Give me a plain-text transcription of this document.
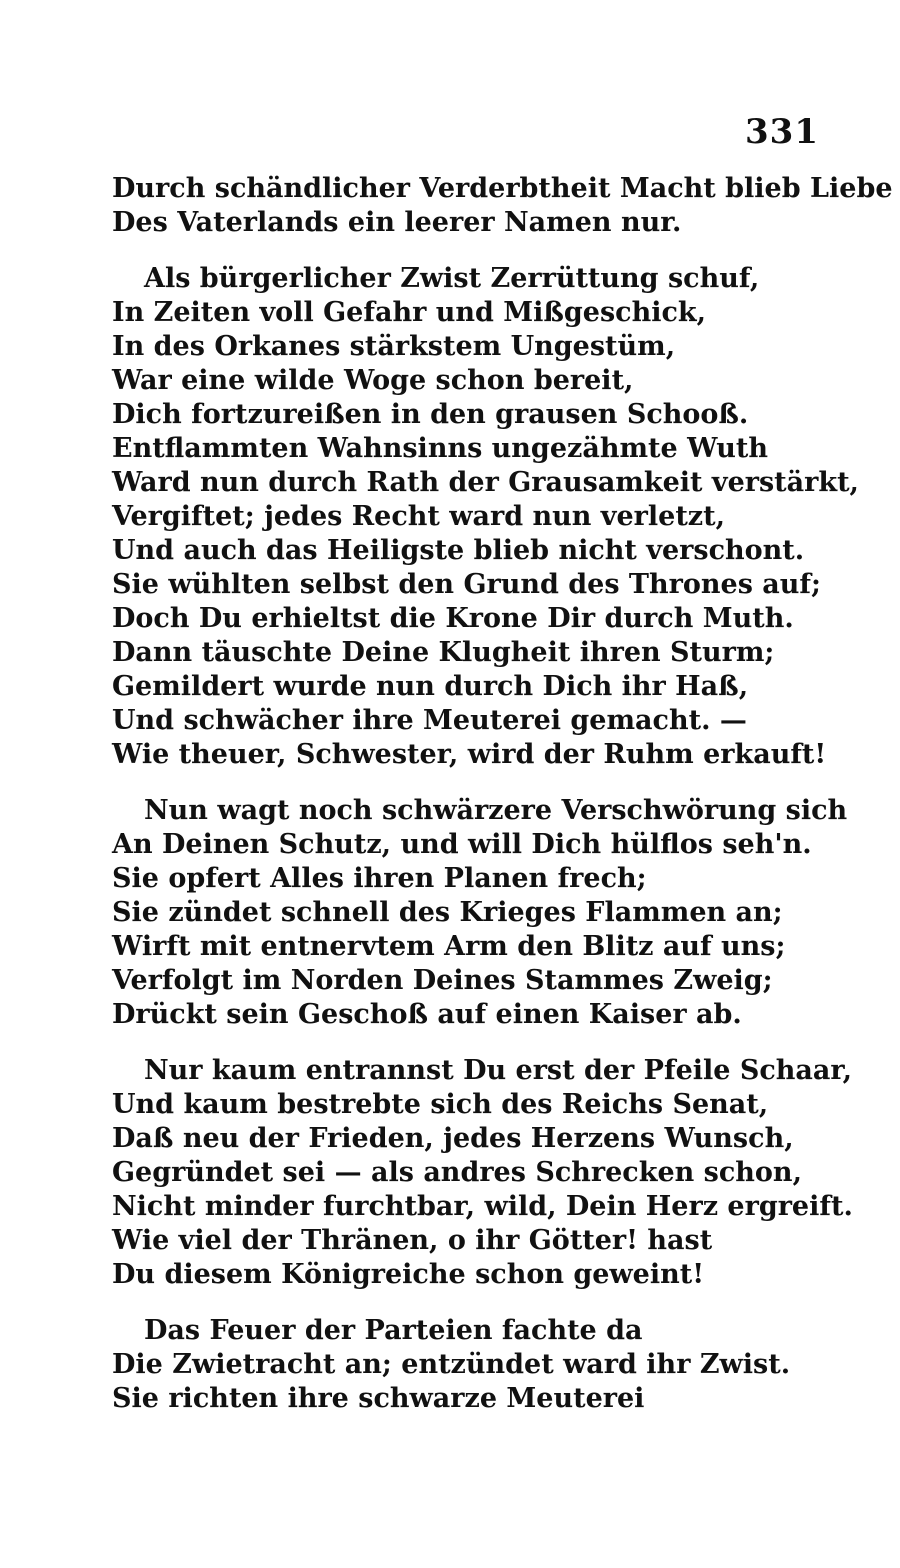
331
Durch schändlicher Verderbtheit Macht blieb Liebe
Des Vaterlands ein leerer Namen nur.
Als bürgerlicher Zwist Zerrüttung schuf,
In Zeiten voll Gefahr und Mißgeschick,
In des Orkanes stärkstem Ungestüm,
War eine wilde Woge schon bereit,
Dich fortzureißen in den grausen Schooß.
Entflammten Wahnsinns ungezähmte Wuth
Ward nun durch Rath der Grausamkeit verstärkt,
Vergiftet; jedes Recht ward nun verletzt,
Und auch das Heiligste blieb nicht verschont.
Sie wühlten selbst den Grund des Thrones auf;
Doch Du erhieltst die Krone Dir durch Muth.
Dann täuschte Deine Klugheit ihren Sturm;
Gemildert wurde nun durch Dich ihr Haß,
Und schwächer ihre Meuterei gemacht. —
Wie theuer, Schwester, wird der Ruhm erkauft!
Nun wagt noch schwärzere Verschwörung sich
An Deinen Schutz, und will Dich hülflos seh'n.
Sie opfert Alles ihren Planen frech;
Sie zündet schnell des Krieges Flammen an;
Wirft mit entnervtem Arm den Blitz auf uns;
Verfolgt im Norden Deines Stammes Zweig;
Drückt sein Geschoß auf einen Kaiser ab.
Nur kaum entrannst Du erst der Pfeile Schaar,
Und kaum bestrebte sich des Reichs Senat,
Daß neu der Frieden, jedes Herzens Wunsch,
Gegründet sei — als andres Schrecken schon,
Nicht minder furchtbar, wild, Dein Herz ergreift.
Wie viel der Thränen, o ihr Götter! hast
Du diesem Königreiche schon geweint!
Das Feuer der Parteien fachte da
Die Zwietracht an; entzündet ward ihr Zwist.
Sie richten ihre schwarze Meuterei
